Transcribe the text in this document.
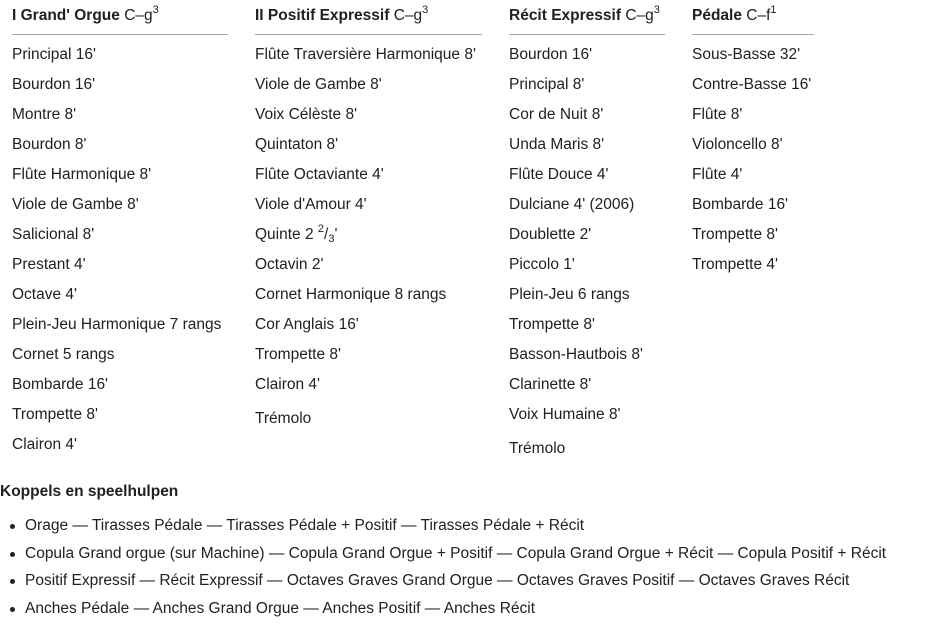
I Grand' Orgue $C-g^3$
Principal 16'
Bourdon 16'
Montre 8'
Bourdon 8'
Flûte Harmonique 8'
Viole de Gambe 8'
Salicional 8'
Prestant 4'
Octave 4'
Plein-Jeu Harmonique 7 rangs
Cornet 5 rangs
Bombarde 16'
Trompette 8'
Clairon 4'
II Positif Expressif $C-g^3$
Flûte Traversière Harmonique 8'
Viole de Gambe 8'
Voix Célèste 8'
Quintaton 8'
Flûte Octaviante 4'
Viole d'Amour 4'
Quinte 2 $^2/_3'$
Octavin 2'
Cornet Harmonique 8 rangs
Cor Anglais 16'
Trompette 8'
Clairon 4'
Trémolo
Récit Expressif $C-g^3$
Bourdon 16'
Principal 8'
Cor de Nuit 8'
Unda Maris 8'
Flûte Douce 4'
Dulciane 4' (2006)
Doublette 2'
Piccolo 1'
Plein-Jeu 6 rangs
Trompette 8'
Basson-Hautbois 8'
Clarinette 8'
Voix Humaine 8'
Trémolo
Pédale $C-f^1$
Sous-Basse 32'
Contre-Basse 16'
Flûte 8'
Violoncello 8'
Flûte 4'
Bombarde 16'
Trompette 8'
Trompette 4'
Koppels en speelhulpen
Orage — Tirasses Pédale — Tirasses Pédale + Positif — Tirasses Pédale + Récit
Copula Grand orgue (sur Machine) — Copula Grand Orgue + Positif — Copula Grand Orgue + Récit — Copula Positif + Récit
Positif Expressif — Récit Expressif — Octaves Graves Grand Orgue — Octaves Graves Positif — Octaves Graves Récit
Anches Pédale — Anches Grand Orgue — Anches Positif — Anches Récit
